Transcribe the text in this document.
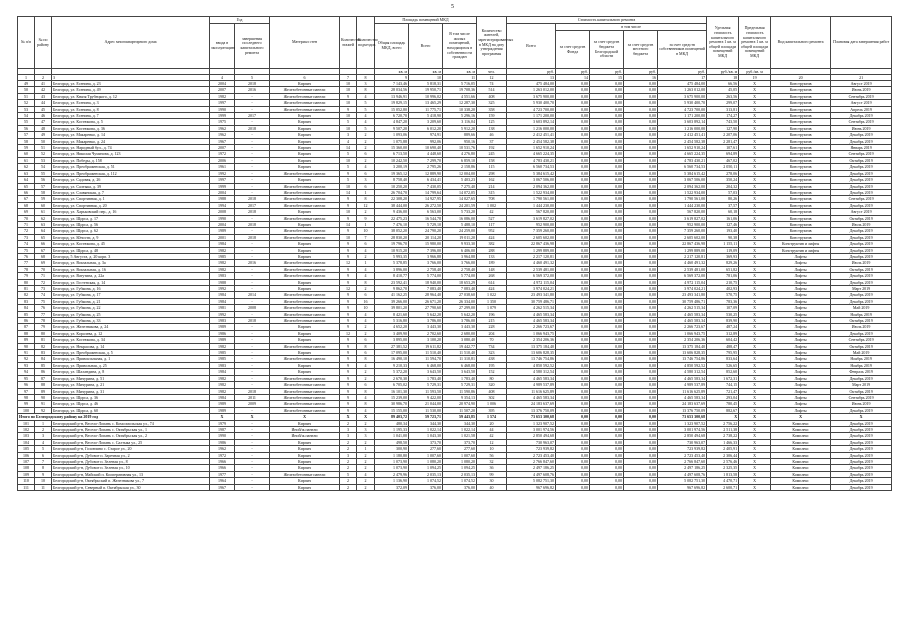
5
№ п/п	№ по району	Адрес многоквартирного дома	Год		Материал стен	Количество этажей	Количество подъездов	Площадь помещений МКД			Количество жителей, зарегистрированных в МКД на дату утверждения программы	Стоимость капитального ремонта					Удельная стоимость капитального ремонта 1 кв. м общей площади помещений МКД	Предельная стоимость капитального ремонта 1 кв. м общей площади помещений МКД	Вид капитального ремонта	Плановая дата завершения работ
			ввода в эксплуатацию	завершения последнего капитального ремонта				Общая площадь МКД, всего	Всего	В том числе жилых помещений, находящихся в собственности граждан		Всего	в том числе							
													за счет средств Фонда	за счет средств бюджета Белгородской области	за счет средств местного бюджета	за счет средств собственников помещений в МКД				
								кв. м	кв. м	кв. м	чел.	руб.	руб.	руб.	руб.	руб.	руб./кв. м	руб./кв. м		
1	2	3	4	5	6	7	8	9	10	11	12	13	14	15	16	17	18	19	20	21
49	41	Белгород, ул. Есенина, д. 23	2004	2018	Кирпич	10	3	7 143,46	5 818,31	5 716,05	74	475 484,00	0,00	0,00	0,00	475 484,00	66,56	X	Конструктив	Август 2019
50	42	Белгород, ул. Есенина, д. 49	2007	2016	Железобетонные панели	10	8	28 034,56	19 950,71	19 708,36	514	1 263 012,00	0,00	0,00	0,00	1 263 012,00	45,05	X	Конструктив	Июнь 2019
51	43	Белгород, ул. Князя Трубецкого, д. 12	1982	-	Железобетонные панели	9	4	13 946,91	10 996,02	4 551,66	408	3 675 900,00	0,00	0,00	0,00	3 675 900,00	263,56	X	Конструктив	Сентябрь 2019
52	44	Белгород, ул. Есенина, д. 3	1997	-	Железобетонные панели	10	5	19 829,15	13 465,29	12 287,30	325	5 930 400,70	0,00	0,00	0,00	5 930 400,70	299,07	X	Конструктив	Август 2019
53	45	Белгород, ул. Есенина, д. 8	1990	-	Железобетонные панели	9	5	15 052,80	11 775,71	10 338,20	358	4 723 700,00	0,00	0,00	0,00	4 723 700,00	313,81	X	Конструктив	Апрель 2019
54	46	Белгород, ул. Есенина, д. 7	1999	2017	Кирпич	10	4	6 720,70	5 418,90	5 296,16	159	1 171 200,00	0,00	0,00	0,00	1 171 200,00	174,27	X	Конструктив	Декабрь 2019
55	47	Белгород, ул. Костюкова, д. 5	1975	-	Кирпич	5	4	4 847,20	3 209,60	3 116,04	125	3 603 892,14	0,00	0,00	0,00	3 603 892,14	743,50	X	Конструктив	Сентябрь 2019
56	48	Белгород, ул. Костюкова, д. 36	1962	2018	Кирпич	10	5	9 507,20	6 012,20	5 912,20	138	1 216 000,00	0,00	0,00	0,00	1 216 000,00	127,90	X	Конструктив	Июнь 2019
57	49	Белгород, ул. Макаренко, д. 14	1962	-	Кирпич	3	2	1 093,06	974,91	889,66	46	2 412 451,41	0,00	0,00	0,00	2 412 451,41	2 207,06	X	Конструктив	Декабрь 2019
58	50	Белгород, ул. Макаренко, д. 24	1967	-	Кирпич	4	2	1 075,88	992,06	950,16	37	2 454 582,38	0,00	0,00	0,00	2 454 582,38	2 281,47	X	Конструктив	Декабрь 2019
59	51	Белгород, ул. Народный бул., д. 74	2007	-	Кирпич	14	2	15 360,00	10 690,40	10 531,76	192	1 652 910,24	0,00	0,00	0,00	1 652 910,24	107,61	X	Конструктив	Январь 2019
60	52	Белгород, ул. Николая Чумичова, д. 123	1972	-	Кирпич	5	6	6 713,50	4 448,60	4 276,80	245	4 665 224,35	0,00	0,00	0,00	4 665 224,35	694,89	X	Конструктив	Сентябрь 2019
61	53	Белгород, ул. Победы, д. 158	2006	-	Кирпич	10	2	10 242,50	7 299,70	6 859,10	158	4 783 430,21	0,00	0,00	0,00	4 783 430,21	467,02	X	Конструктив	Октябрь 2019
62	54	Белгород, ул. Преображенская, д. 51	1961	-	Кирпич	5	4	3 200,19	2 795,26	2 158,86	115	6 560 734,53	0,00	0,00	0,00	6 560 734,53	2 050,11	X	Конструктив	Декабрь 2019
63	55	Белгород, ул. Преображенская, д. 112	1992	-	Железобетонные панели	9	6	19 365,12	12 889,90	12 004,00	298	5 384 615,42	0,00	0,00	0,00	5 384 615,42	278,06	X	Конструктив	Декабрь 2019
64	56	Белгород, ул. Садовая, д. 26	1997	-	Кирпич	5	3	8 758,40	6 434,41	5 403,23	162	3 067 506,00	0,00	0,00	0,00	3 067 506,00	350,24	X	Конструктив	Декабрь 2019
65	57	Белгород, ул. Салтыка, д. 39	1999	-	Железобетонные панели	10	6	10 250,20	7 430,05	7 275,40	214	2 094 362,00	0,00	0,00	0,00	2 094 362,00	204,32	X	Конструктив	Декабрь 2019
66	58	Белгород, ул. Славянская, д. 7	2004	-	Железобетонные панели	14	1	26 704,70	14 799,64	14 072,05	315	1 522 934,00	0,00	0,00	0,00	1 522 934,00	57,03	X	Конструктив	Декабрь 2019
67	59	Белгород, ул. Спортивная, д. 1	1988	2018	Железобетонные панели	9	8	22 308,20	14 927,95	14 027,65	708	1 790 561,00	0,00	0,00	0,00	1 790 561,00	80,26	X	Конструктив	Сентябрь 2019
68	60	Белгород, ул. Спортивная, д. 20	1994	2017	Железобетонные панели	9	12	38 444,00	26 272,50	24 201,59	1 002	1 444 230,00	0,00	0,00	0,00	1 444 230,00	37,57	X	Конструктив	Декабрь 2019
69	61	Белгород, ул. Харьковский пер., д. 16	2008	2018	Кирпич	10	2	9 436,00	6 563,00	5 733,20	42	567 820,00	0,00	0,00	0,00	567 820,00	60,18	X	Конструктив	Август 2019
70	62	Белгород, ул. Щорса, д. 17	1990	-	Железобетонные панели	9	9	22 475,23	16 544,78	16 086,00	527	3 619 827,02	0,00	0,00	0,00	3 619 827,02	161,06	X	Конструктив	Октябрь 2019
71	63	Белгород, ул. Щорса, д. 56	2004	2018	Кирпич	14	1	7 476,10	5 729,10	5 488,10	117	952 900,00	0,00	0,00	0,00	952 900,00	127,46	X	Конструктив	Июль 2019
72	64	Белгород, ул. Щорса, д. 62	1989	-	Железобетонные панели	9	10	38 052,20	24 790,20	24 259,00	952	7 359 260,00	0,00	0,00	0,00	7 359 260,00	193,40	X	Конструктив	Декабрь 2019
73	65	Белгород, ул. Юности, д. 9	2001	2018	Железобетонные панели	10	7	28 830,20	20 114,20	19 011,20	424	2 605 602,00	0,00	0,00	0,00	2 605 602,00	90,38	X	Конструктив	Декабрь 2019
74	66	Белгород, ул. Костюкова, д. 45	1984	-	Кирпич	9	6	19 796,70	15 980,00	9 933,30	382	22 867 436,98	0,00	0,00	0,00	22 867 436,98	1 155,11	X	Конструктив и лифты	Декабрь 2019
75	67	Белгород, ул. Щорса, д. 48	1982	-	Кирпич	9	4	10 915,20	7 396,00	6 406,00	288	1 299 889,00	0,00	0,00	0,00	1 299 889,00	119,09	X	Конструктив и лифты	Декабрь 2019
76	68	Белгород, 5 Августа, д. 20 корп. 3	1985	-	Кирпич	9	2	5 993,35	3 966,88	3 964,88	133	2 217 120,81	0,00	0,00	0,00	2 217 120,81	369,93	X	Лифты	Декабрь 2019
77	69	Белгород, ул. Вокзальная, д. 3а	1982	2016	Железобетонные панели	12	1	5 378,85	3 766,00	3 766,00	189	4 460 491,32	0,00	0,00	0,00	4 460 491,32	829,26	X	Лифты	Июль 2019
78	70	Белгород, ул. Вокзальная, д. 16	1982	-	Железобетонные панели	9	4	3 896,00	2 758,40	2 758,40	148	2 539 481,00	0,00	0,00	0,00	2 539 481,00	651,82	X	Лифты	Октябрь 2019
79	71	Белгород, ул. Ватутина, д. 22а	1983	-	Железобетонные панели	9	4	8 410,77	5 774,00	5 774,00	268	6 569 372,00	0,00	0,00	0,00	6 569 372,00	781,06	X	Лифты	Декабрь 2019
80	72	Белгород, ул. Гостенская, д. 14	1988	-	Кирпич	9	8	23 592,41	18 940,00	18 653,29	614	4 972 115,04	0,00	0,00	0,00	4 972 115,04	210,75	X	Лифты	Декабрь 2019
81	73	Белгород, ул. Губкина, д. 16	1992	-	Кирпич	12	2	9 862,70	7 083,40	7 083,40	424	3 974 024,21	0,00	0,00	0,00	3 974 024,21	402,93	X	Лифты	Март 2019
82	74	Белгород, ул. Губкина, д. 17	1984	2014	Железобетонные панели	9	6	41 162,25	28 964,40	27 038,60	1 022	23 493 341,80	0,00	0,00	0,00	23 493 341,80	570,75	X	Лифты	Декабрь 2019
83	75	Белгород, ул. Губкина, д. 21	1984	-	Железобетонные панели	9	16	39 266,00	26 671,20	26 334,00	1 350	30 759 486,71	0,00	0,00	0,00	30 759 486,71	783,36	X	Лифты	Декабрь 2019
84	76	Белгород, ул. Губкина, д. 22	1981	2008	Железобетонные панели	9	10	39 801,20	27 790,60	27 299,00	1 079	4 262 515,34	0,00	0,00	0,00	4 262 515,34	107,09	X	Лифты	Май 2019
85	77	Белгород, ул. Губкина, д. 25	1992	-	Железобетонные панели	9	4	8 421,60	5 642,20	5 642,20	196	4 465 583,34	0,00	0,00	0,00	4 465 583,34	530,25	X	Лифты	Ноябрь 2019
86	78	Белгород, ул. Губкина, д. 33	1983	2018	Железобетонные панели	9	4	5 316,80	3 786,00	3 786,00	215	4 465 583,34	0,00	0,00	0,00	4 465 583,34	839,90	X	Лифты	Октябрь 2019
87	79	Белгород, ул. Железнякова, д. 24	1989	-	Кирпич	9	2	4 652,20	3 443,30	3 443,30	228	2 266 723,67	0,00	0,00	0,00	2 266 723,67	487,24	X	Лифты	Июль 2019
88	80	Белгород, ул. Королева, д. 12	1986	-	Кирпич	12	2	3 409,90	2 702,60	2 680,00	204	1 066 943,75	0,00	0,00	0,00	1 066 943,75	312,89	X	Лифты	Декабрь 2019
89	81	Белгород, ул. Костюкова, д. 34	1989	-	Кирпич	9	6	3 895,00	3 100,20	3 080,40	70	2 354 206,36	0,00	0,00	0,00	2 354 206,36	604,42	X	Лифты	Сентябрь 2019
90	82	Белгород, ул. Некрасова, д. 14	1982	-	Железобетонные панели	9	8	27 381,52	19 611,82	19 442,77	734	13 375 184,40	0,00	0,00	0,00	13 375 184,40	488,47	X	Лифты	Октябрь 2019
91	83	Белгород, ул. Преображенская, д. 5	1985	-	Кирпич	9	6	17 095,00	11 510,40	11 510,40	323	13 606 828,35	0,00	0,00	0,00	13 606 828,35	795,95	X	Лифты	Май 2019
92	84	Белгород, ул. Привокзальная, д. 1	1985	-	Железобетонные панели	9	8	16 490,10	11 594,70	11 310,81	438	13 746 754,86	0,00	0,00	0,00	13 746 754,86	833,64	X	Лифты	Ноябрь 2019
93	85	Белгород, ул. Привольная, д. 25	1983	-	Кирпич	9	4	9 210,33	6 468,00	6 468,00	195	4 850 592,52	0,00	0,00	0,00	4 850 592,52	526,65	X	Лифты	Ноябрь 2019
94	86	Белгород, ул. Шаландина, д. 8	1984	-	Кирпич	9	2	5 372,20	3 643,50	3 643,50	152	4 580 312,54	0,00	0,00	0,00	4 580 312,54	852,60	X	Лифты	Февраль 2019
95	87	Белгород, ул. Мичурина, д. 51	1982	-	Железобетонные панели	9	2	2 670,30	1 783,40	1 783,40	80	4 465 583,34	0,00	0,00	0,00	4 465 583,34	1 672,31	X	Лифты	Декабрь 2019
96	88	Белгород, ул. Мичурина, д. 21	1982	-	Железобетонные панели	9	6	6 705,02	5 729,31	5 729,31	320	4 989 537,89	0,00	0,00	0,00	4 989 537,89	744,15	X	Лифты	Март 2019
97	89	Белгород, ул. Мичурина, д. 31	1982	2018	Железобетонные панели	9	8	16 101,30	11 593,50	11 590,86	408	11 616 625,89	0,00	0,00	0,00	11 616 625,89	721,47	X	Лифты	Октябрь 2019
98	90	Белгород, ул. Щорса, д. 36	1984	2011	Железобетонные панели	9	4	15 239,00	9 422,00	9 354,13	302	4 465 583,34	0,00	0,00	0,00	4 465 583,34	293,04	X	Лифты	Сентябрь 2019
99	91	Белгород, ул. Щорса, д. 46	1989	2009	Железобетонные панели	9	8	30 986,70	21 044,00	20 974,90	1 006	24 183 637,69	0,00	0,00	0,00	24 183 637,69	780,45	X	Лифты	Июнь 2019
100	92	Белгород, ул. Щорса, д. 60	1989	-	Железобетонные панели	9	4	15 155,00	11 530,00	11 507,20	395	13 376 750,09	0,00	0,00	0,00	13 376 750,09	882,67	X	Лифты	Декабрь 2019
Итого по Белгородскому району на 2019 год			X	X	X	X	X	89 403,72	59 723,71	59 443,85	1 574	73 653 300,68	0,00	0,00	0,00	73 653 300,68	X	X	X	X
101	1	Белгородский р-н, Весело-Лопань с. Комсомольская ул., 74	1979	-	Кирпич	2	2	480,34	344,30	344,30	20	1 323 907,52	0,00	0,00	0,00	1 323 907,52	2 756,22	X	Комплекс	Декабрь 2019
102	2	Белгородский р-н, Весело-Лопань с. Октябрьская ул., 1	1987	-	Иной/ж.панели	3	3	1 195,33	1 022,14	1 022,14	44	3 001 974,56	0,00	0,00	0,00	3 001 974,56	2 511,38	X	Комплекс	Декабрь 2019
103	3	Белгородский р-н, Весело-Лопань с. Октябрьская ул., 2	1990	-	Иной/ж.панели	3	3	1 041,00	1 043,30	1 021,58	42	2 850 494,68	0,00	0,00	0,00	2 850 494,68	2 738,22	X	Комплекс	Декабрь 2019
104	4	Белгородский р-н, Весело-Лопань с. Салтыка ул., 25	1986	-	Кирпич	2	2	498,50	373,70	373,70	12	730 963,07	0,00	0,00	0,00	730 963,07	1 466,33	X	Комплекс	Декабрь 2019
105	5	Белгородский р-н, Головчино с. Старое ул., 20	1962	-	Кирпич	2	1	300,90	277,60	277,60	10	723 939,82	0,00	0,00	0,00	723 939,82	2 405,91	X	Комплекс	Декабрь 2019
106	6	Белгородский р-н, Дубовое п. Заречная ул., 2	1972	-	Кирпич	3	2	1 180,80	1 007,60	1 007,60	56	2 723 453,40	0,00	0,00	0,00	2 723 453,40	2 306,44	X	Комплекс	Декабрь 2019
107	7	Белгородский р-н, Дубовое п. Зеленая ул., 8	1966	-	Кирпич	2	2	1 073,90	1 080,20	1 080,20	32	2 766 847,60	0,00	0,00	0,00	2 766 847,60	2 576,46	X	Комплекс	Декабрь 2019
108	8	Белгородский р-н, Дубовое п. Зеленая ул., 10	1966	-	Кирпич	2	2	1 073,90	1 094,25	1 094,25	36	2 497 186,25	0,00	0,00	0,00	2 497 186,25	2 325,35	X	Комплекс	Декабрь 2019
109	9	Белгородский р-н, Майский п. Кооперативная ул., 13	1977	-	Железобетонные панели	5	4	2 479,96	2 035,13	2 035,13	99	4 497 608,76	0,00	0,00	0,00	4 497 608,76	1 813,58	X	Комплекс	Декабрь 2019
110	10	Белгородский р-н, Октябрьский п. Железнякова ул., 7	1964	-	Кирпич	2	2	1 136,90	1 074,52	1 074,52	30	5 082 751,30	0,00	0,00	0,00	5 082 751,30	4 470,71	X	Комплекс	Декабрь 2019
111	11	Белгородский р-н, Северный п. Октябрьская ул., 30	1967	-	Кирпич	2	2	372,09	376,00	376,00	40	967 696,82	0,00	0,00	0,00	967 696,82	2 600,71	X	Комплекс	Декабрь 2019
